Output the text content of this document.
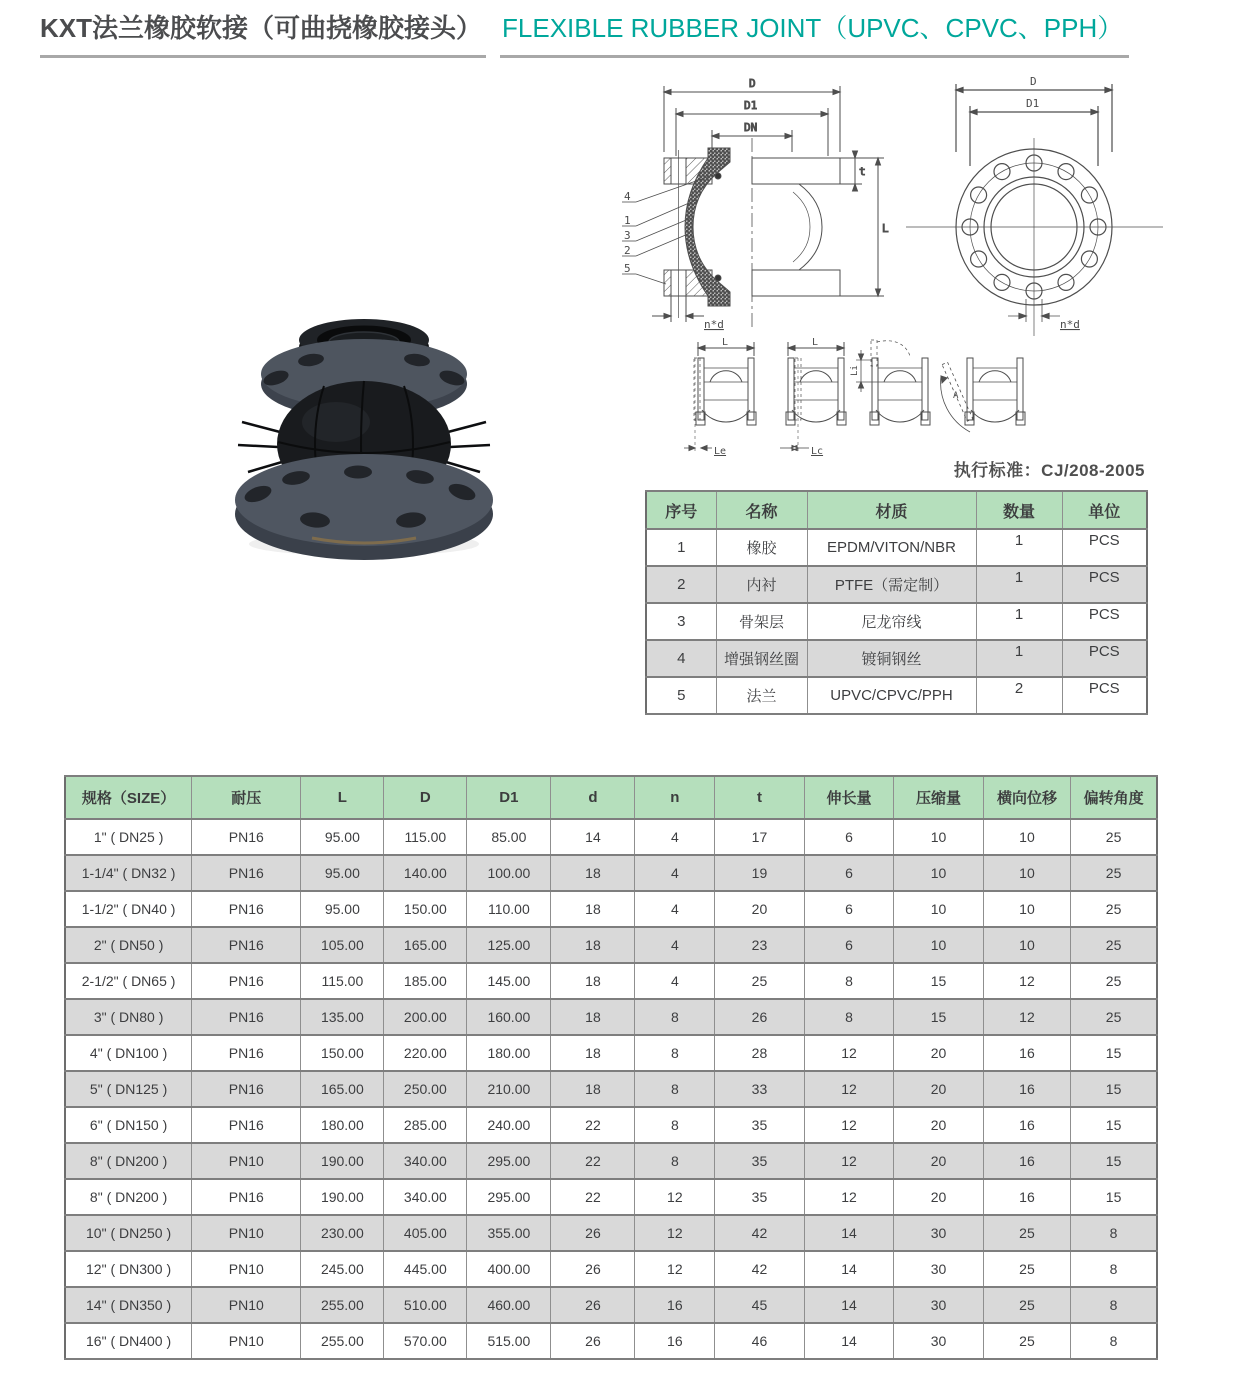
KXT法兰橡胶软接（可曲挠橡胶接头） FLEXIBLE RUBBER JOINT（UPVC、CPVC、PPH）
D
D1
DN
4
1
3
2
5
n*d
t
L
D
D1
n*d
L
Le
L
Lc
Li
A
执行标准：CJ/208-2005
序号	名称	材质	数量	单位
1	橡胶	EPDM/VITON/NBR	1	PCS
2	内衬	PTFE（需定制）	1	PCS
3	骨架层	尼龙帘线	1	PCS
4	增强钢丝圈	镀铜钢丝	1	PCS
5	法兰	UPVC/CPVC/PPH	2	PCS
规格（SIZE）	耐压	L	D	D1	d	n	t	伸长量	压缩量	横向位移	偏转角度
1" ( DN25 )	PN16	95.00	115.00	85.00	14	4	17	6	10	10	25
1-1/4" ( DN32 )	PN16	95.00	140.00	100.00	18	4	19	6	10	10	25
1-1/2" ( DN40 )	PN16	95.00	150.00	110.00	18	4	20	6	10	10	25
2" ( DN50 )	PN16	105.00	165.00	125.00	18	4	23	6	10	10	25
2-1/2" ( DN65 )	PN16	115.00	185.00	145.00	18	4	25	8	15	12	25
3" ( DN80 )	PN16	135.00	200.00	160.00	18	8	26	8	15	12	25
4" ( DN100 )	PN16	150.00	220.00	180.00	18	8	28	12	20	16	15
5" ( DN125 )	PN16	165.00	250.00	210.00	18	8	33	12	20	16	15
6" ( DN150 )	PN16	180.00	285.00	240.00	22	8	35	12	20	16	15
8" ( DN200 )	PN10	190.00	340.00	295.00	22	8	35	12	20	16	15
8" ( DN200 )	PN16	190.00	340.00	295.00	22	12	35	12	20	16	15
10" ( DN250 )	PN10	230.00	405.00	355.00	26	12	42	14	30	25	8
12" ( DN300 )	PN10	245.00	445.00	400.00	26	12	42	14	30	25	8
14" ( DN350 )	PN10	255.00	510.00	460.00	26	16	45	14	30	25	8
16" ( DN400 )	PN10	255.00	570.00	515.00	26	16	46	14	30	25	8
